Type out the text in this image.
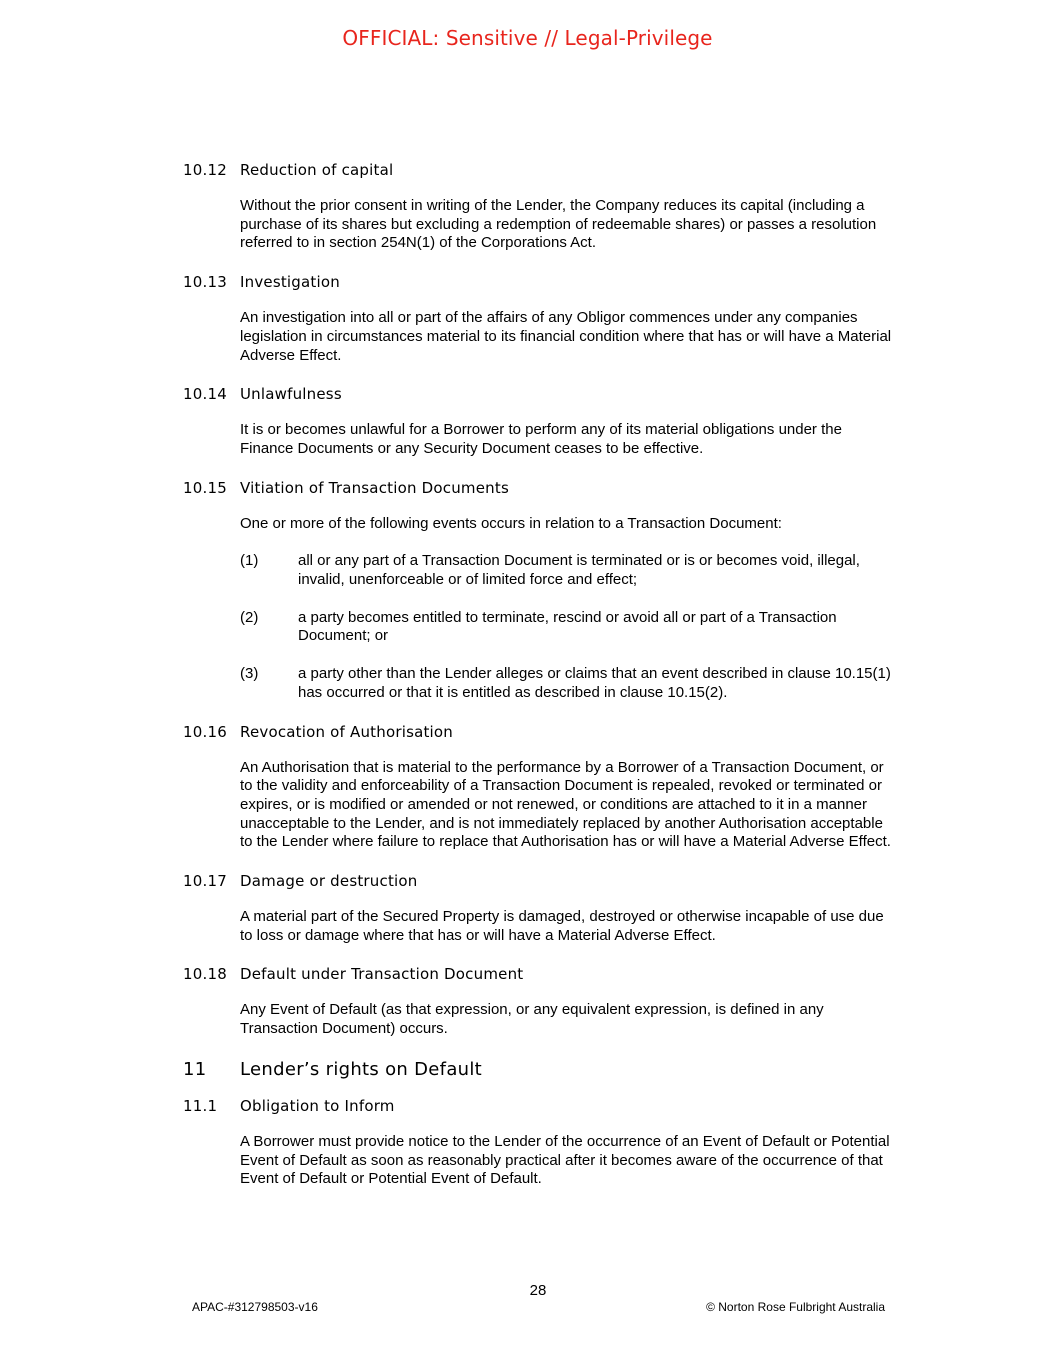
OFFICIAL: Sensitive // Legal-Privilege
10.12 Reduction of capital
Without the prior consent in writing of the Lender, the Company reduces its capital (including a purchase of its shares but excluding a redemption of redeemable shares) or passes a resolution referred to in section 254N(1) of the Corporations Act.
10.13 Investigation
An investigation into all or part of the affairs of any Obligor commences under any companies legislation in circumstances material to its financial condition where that has or will have a Material Adverse Effect.
10.14 Unlawfulness
It is or becomes unlawful for a Borrower to perform any of its material obligations under the Finance Documents or any Security Document ceases to be effective.
10.15 Vitiation of Transaction Documents
One or more of the following events occurs in relation to a Transaction Document:
(1)	all or any part of a Transaction Document is terminated or is or becomes void, illegal, invalid, unenforceable or of limited force and effect;
(2)	a party becomes entitled to terminate, rescind or avoid all or part of a Transaction Document; or
(3)	a party other than the Lender alleges or claims that an event described in clause 10.15(1) has occurred or that it is entitled as described in clause 10.15(2).
10.16 Revocation of Authorisation
An Authorisation that is material to the performance by a Borrower of a Transaction Document, or to the validity and enforceability of a Transaction Document is repealed, revoked or terminated or expires, or is modified or amended or not renewed, or conditions are attached to it in a manner unacceptable to the Lender, and is not immediately replaced by another Authorisation acceptable to the Lender where failure to replace that Authorisation has or will have a Material Adverse Effect.
10.17 Damage or destruction
A material part of the Secured Property is damaged, destroyed or otherwise incapable of use due to loss or damage where that has or will have a Material Adverse Effect.
10.18 Default under Transaction Document
Any Event of Default (as that expression, or any equivalent expression, is defined in any Transaction Document) occurs.
11	Lender’s rights on Default
11.1	Obligation to Inform
A Borrower must provide notice to the Lender of the occurrence of an Event of Default or Potential Event of Default as soon as reasonably practical after it becomes aware of the occurrence of that Event of Default or Potential Event of Default.
28
APAC-#312798503-v16	© Norton Rose Fulbright Australia
